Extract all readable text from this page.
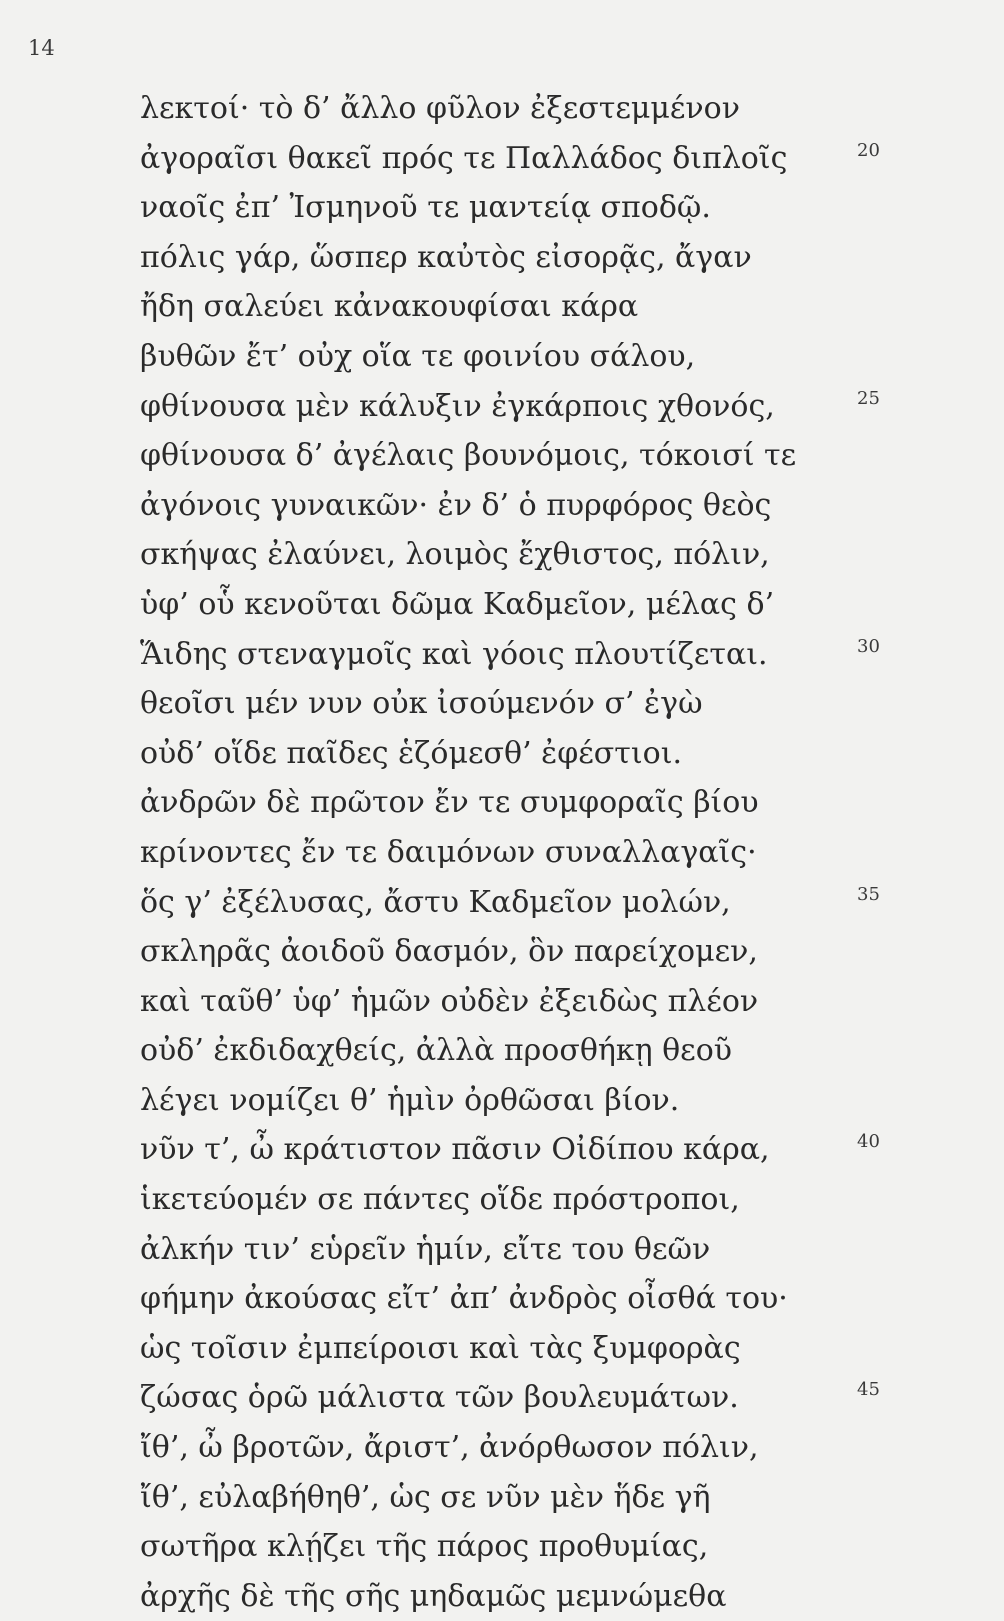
14
λεκτοί· τὸ δ’ ἄλλο φῦλον ἐξεστεμμένον
ἀγοραῖσι θακεῖ πρός τε Παλλάδος διπλοῖς	20
ναοῖς ἐπ’ Ἰσμηνοῦ τε μαντείᾳ σποδῷ.
πόλις γάρ, ὥσπερ καὐτὸς εἰσορᾷς, ἄγαν
ἤδη σαλεύει κἀνακουφίσαι κάρα
βυθῶν ἔτ’ οὐχ οἵα τε φοινίου σάλου,
φθίνουσα μὲν κάλυξιν ἐγκάρποις χθονός,	25
φθίνουσα δ’ ἀγέλαις βουνόμοις, τόκοισί τε
ἀγόνοις γυναικῶν· ἐν δ’ ὁ πυρφόρος θεὸς
σκήψας ἐλαύνει, λοιμὸς ἔχθιστος, πόλιν,
ὑφ’ οὗ κενοῦται δῶμα Καδμεῖον, μέλας δ’
Ἅιδης στεναγμοῖς καὶ γόοις πλουτίζεται.	30
θεοῖσι μέν νυν οὐκ ἰσούμενόν σ’ ἐγὼ
οὐδ’ οἵδε παῖδες ἑζόμεσθ’ ἐφέστιοι.
ἀνδρῶν δὲ πρῶτον ἔν τε συμφοραῖς βίου
κρίνοντες ἔν τε δαιμόνων συναλλαγαῖς·
ὅς γ’ ἐξέλυσας, ἄστυ Καδμεῖον μολών,	35
σκληρᾶς ἀοιδοῦ δασμόν, ὃν παρείχομεν,
καὶ ταῦθ’ ὑφ’ ἡμῶν οὐδὲν ἐξειδὼς πλέον
οὐδ’ ἐκδιδαχθείς, ἀλλὰ προσθήκῃ θεοῦ
λέγει νομίζει θ’ ἡμὶν ὀρθῶσαι βίον.
νῦν τ’, ὦ κράτιστον πᾶσιν Οἰδίπου κάρα,	40
ἱκετεύομέν σε πάντες οἵδε πρόστροποι,
ἀλκήν τιν’ εὑρεῖν ἡμίν, εἴτε του θεῶν
φήμην ἀκούσας εἴτ’ ἀπ’ ἀνδρὸς οἶσθά του·
ὡς τοῖσιν ἐμπείροισι καὶ τὰς ξυμφορὰς
ζώσας ὁρῶ μάλιστα τῶν βουλευμάτων.	45
ἴθ’, ὦ βροτῶν, ἄριστ’, ἀνόρθωσον πόλιν,
ἴθ’, εὐλαβήθηθ’, ὡς σε νῦν μὲν ἥδε γῆ
σωτῆρα κλῄζει τῆς πάρος προθυμίας,
ἀρχῆς δὲ τῆς σῆς μηδαμῶς μεμνώμεθα
